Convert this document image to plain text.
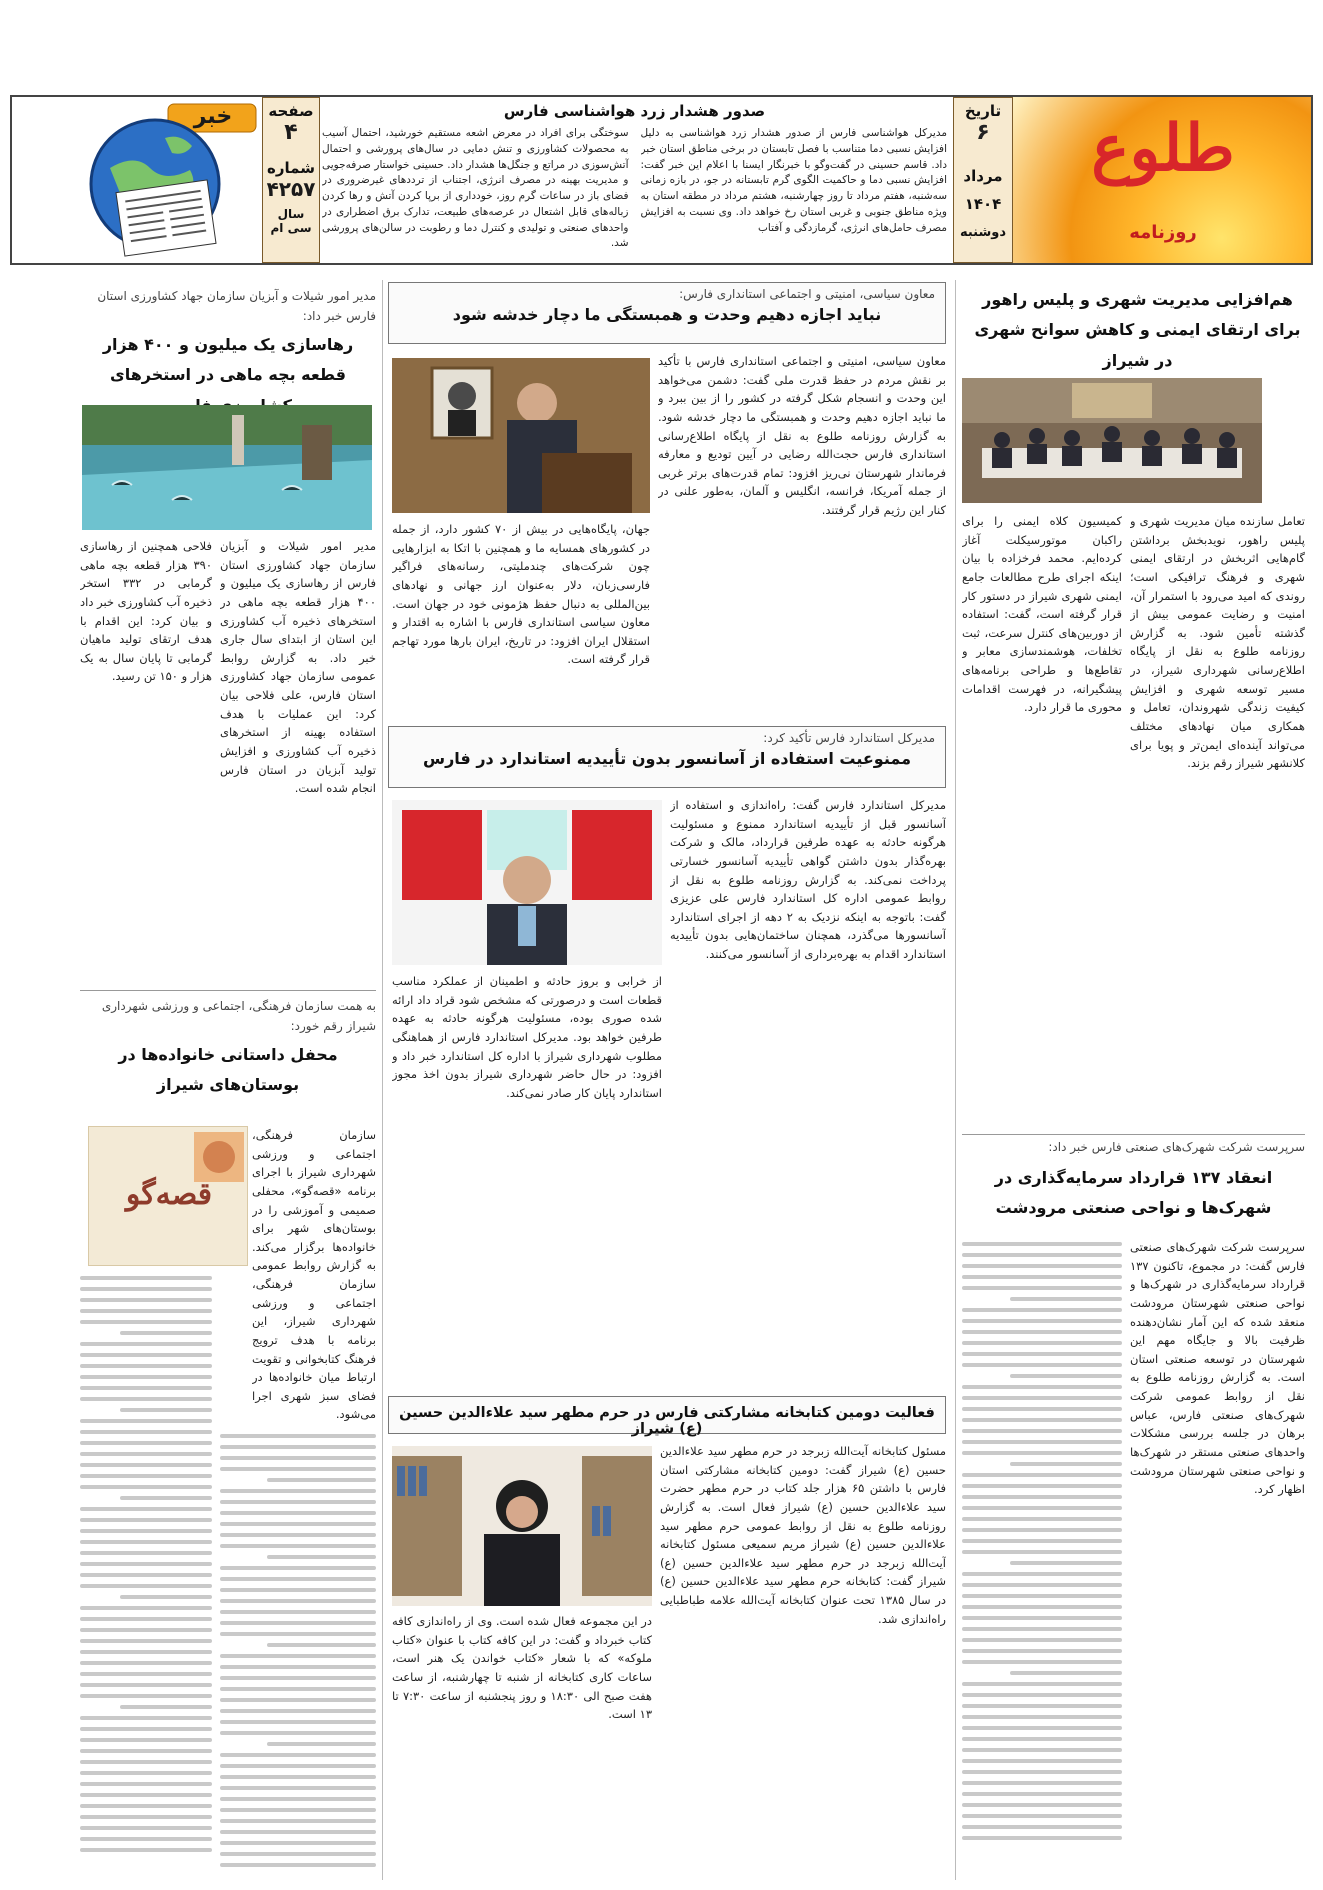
طلوع
روزنامه
تاریخ
۶
مرداد
۱۴۰۴
دوشنبه
صدور هشدار زرد هواشناسی فارس
مدیرکل هواشناسی فارس از صدور هشدار زرد هواشناسی به دلیل افزایش نسبی دما متناسب با فصل تابستان در برخی مناطق استان خبر داد. قاسم حسینی در گفت‌وگو با خبرنگار ایسنا با اعلام این خبر گفت: افزایش نسبی دما و حاکمیت الگوی گرم تابستانه در جو، در بازه زمانی سه‌شنبه، هفتم مرداد تا روز چهارشنبه، هشتم مرداد در مطقه استان به ویژه مناطق جنوبی و غربی استان رخ خواهد داد. وی نسبت به افزایش مصرف حامل‌های انرژی، گرمازدگی و آفتاب
سوختگی برای افراد در معرض اشعه مستقیم خورشید، احتمال آسیب به محصولات کشاورزی و تنش دمایی در سال‌های پرورشی و احتمال آتش‌سوزی در مراتع و جنگل‌ها هشدار داد. حسینی خواستار صرفه‌جویی و مدیریت بهینه در مصرف انرژی، اجتناب از ترددهای غیرضروری در فضای باز در ساعات گرم روز، خودداری از برپا کردن آتش و رها کردن زباله‌های قابل اشتعال در عرصه‌های طبیعت، تدارک برق اضطراری در واحدهای صنعتی و تولیدی و کنترل دما و رطوبت در سالن‌های پرورشی شد.
صفحه
۴
شماره
۴۲۵۷
سال
سی ام
خبر
هم‌افزایی مدیریت شهری و پلیس راهور برای ارتقای ایمنی و کاهش سوانح شهری در شیراز
تعامل سازنده میان مدیریت شهری و پلیس راهور، نویدبخش برداشتن گام‌هایی اثربخش در ارتقای ایمنی شهری و فرهنگ ترافیکی است؛ روندی که امید می‌رود با استمرار آن، امنیت و رضایت عمومی بیش از گذشته تأمین شود. به گزارش روزنامه طلوع به نقل از پایگاه اطلاع‌رسانی شهرداری شیراز، در مسیر توسعه شهری و افزایش کیفیت زندگی شهروندان، تعامل و همکاری میان نهادهای مختلف می‌تواند آینده‌ای ایمن‌تر و پویا برای کلانشهر شیراز رقم بزند.
کمیسیون کلاه ایمنی را برای راکبان موتورسیکلت آغاز کرده‌ایم. محمد فرخزاده با بیان اینکه اجرای طرح مطالعات جامع ایمنی شهری شیراز در دستور کار قرار گرفته است، گفت: استفاده از دوربین‌های کنترل سرعت، ثبت تخلفات، هوشمندسازی معابر و تقاطع‌ها و طراحی برنامه‌های پیشگیرانه، در فهرست اقدامات محوری ما قرار دارد.
سرپرست شرکت شهرک‌های صنعتی فارس خبر داد:
انعقاد ۱۳۷ قرارداد سرمایه‌گذاری در شهرک‌ها و نواحی صنعتی مرودشت
سرپرست شرکت شهرک‌های صنعتی فارس گفت: در مجموع، تاکنون ۱۳۷ قرارداد سرمایه‌گذاری در شهرک‌ها و نواحی صنعتی شهرستان مرودشت منعقد شده که این آمار نشان‌دهنده ظرفیت بالا و جایگاه مهم این شهرستان در توسعه صنعتی استان است. به گزارش روزنامه طلوع به نقل از روابط عمومی شرکت شهرک‌های صنعتی فارس، عباس برهان در جلسه بررسی مشکلات واحدهای صنعتی مستقر در شهرک‌ها و نواحی صنعتی شهرستان مرودشت اظهار کرد.
معاون سیاسی، امنیتی و اجتماعی استانداری فارس:
نباید اجازه دهیم وحدت و همبستگی ما دچار خدشه شود
معاون سیاسی، امنیتی و اجتماعی استانداری فارس با تأکید بر نقش مردم در حفظ قدرت ملی گفت: دشمن می‌خواهد این وحدت و انسجام شکل گرفته در کشور را از بین ببرد و ما نباید اجازه دهیم وحدت و همبستگی ما دچار خدشه شود. به گزارش روزنامه طلوع به نقل از پایگاه اطلاع‌رسانی استانداری فارس حجت‌الله رضایی در آیین تودیع و معارفه فرماندار شهرستان نی‌ریز افزود: تمام قدرت‌های برتر غربی از جمله آمریکا، فرانسه، انگلیس و آلمان، به‌طور علنی در کنار این رژیم قرار گرفتند.
جهان، پایگاه‌هایی در بیش از ۷۰ کشور دارد، از جمله در کشورهای همسایه ما و همچنین با اتکا به ابزارهایی چون شرکت‌های چندملیتی، رسانه‌های فراگیر فارسی‌زبان، دلار به‌عنوان ارز جهانی و نهادهای بین‌المللی به دنبال حفظ هژمونی خود در جهان است. معاون سیاسی استانداری فارس با اشاره به اقتدار و استقلال ایران افزود: در تاریخ، ایران بارها مورد تهاجم قرار گرفته است.
مدیرکل استاندارد فارس تأکید کرد:
ممنوعیت استفاده از آسانسور بدون تأییدیه استاندارد در فارس
مدیرکل استاندارد فارس گفت: راه‌اندازی و استفاده از آسانسور قبل از تأییدیه استاندارد ممنوع و مسئولیت هرگونه حادثه به عهده طرفین قرارداد، مالک و شرکت بهره‌گذار بدون داشتن گواهی تأییدیه آسانسور خسارتی پرداخت نمی‌کند. به گزارش روزنامه طلوع به نقل از روابط عمومی اداره کل استاندارد فارس علی عزیزی گفت: باتوجه به اینکه نزدیک به ۲ دهه از اجرای استاندارد آسانسورها می‌گذرد، همچنان ساختمان‌هایی بدون تأییدیه استاندارد اقدام به بهره‌برداری از آسانسور می‌کنند.
از خرابی و بروز حادثه و اطمینان از عملکرد مناسب قطعات است و درصورتی که مشخص شود قراد داد ارائه شده صوری بوده، مسئولیت هرگونه حادثه به عهده طرفین خواهد بود. مدیرکل استاندارد فارس از هماهنگی مطلوب شهرداری شیراز با اداره کل استاندارد خبر داد و افزود: در حال حاضر شهرداری شیراز بدون اخذ مجوز استاندارد پایان کار صادر نمی‌کند.
فعالیت دومین کتابخانه مشارکتی فارس در حرم مطهر سید علاءالدین حسین (ع) شیراز
مسئول کتابخانه آیت‌الله زبرجد در حرم مطهر سید علاءالدین حسین (ع) شیراز گفت: دومین کتابخانه مشارکتی استان فارس با داشتن ۶۵ هزار جلد کتاب در حرم مطهر حضرت سید علاءالدین حسین (ع) شیراز فعال است. به گزارش روزنامه طلوع به نقل از روابط عمومی حرم مطهر سید علاءالدین حسین (ع) شیراز مریم سمیعی مسئول کتابخانه آیت‌الله زبرجد در حرم مطهر سید علاءالدین حسین (ع) شیراز گفت: کتابخانه حرم مطهر سید علاءالدین حسین (ع) در سال ۱۳۸۵ تحت عنوان کتابخانه آیت‌الله علامه طباطبایی راه‌اندازی شد.
در این مجموعه فعال شده است. وی از راه‌اندازی کافه کتاب خبرداد و گفت: در این کافه کتاب با عنوان «کتاب ملوکه» که با شعار «کتاب خواندن یک هنر است، ساعات کاری کتابخانه از شنبه تا چهارشنبه، از ساعت هفت صبح الی ۱۸:۳۰ و روز پنجشنبه از ساعت ۷:۳۰ تا ۱۳ است.
مدیر امور شیلات و آبزیان سازمان جهاد کشاورزی استان فارس خبر داد:
رهاسازی یک میلیون و ۴۰۰ هزار قطعه بچه ماهی در استخرهای
مدیر امور شیلات و آبزیان سازمان جهاد کشاورزی استان فارس از رهاسازی یک میلیون و ۴۰۰ هزار قطعه بچه ماهی در استخرهای ذخیره آب کشاورزی این استان از ابتدای سال جاری خبر داد. به گزارش روابط عمومی سازمان جهاد کشاورزی استان فارس، علی فلاحی بیان کرد: این عملیات با هدف استفاده بهینه از استخرهای ذخیره آب کشاورزی و افزایش تولید آبزیان در استان فارس انجام شده است.
فلاحی همچنین از رهاسازی ۳۹۰ هزار قطعه بچه ماهی گرمابی در ۳۳۲ استخر ذخیره آب کشاورزی خبر داد و بیان کرد: این اقدام با هدف ارتقای تولید ماهیان گرمابی تا پایان سال به یک هزار و ۱۵۰ تن رسید.
به همت سازمان فرهنگی، اجتماعی و ورزشی شهرداری شیراز رقم خورد:
محفل داستانی خانواده‌ها در بوستان‌های شیراز
قصه‌گو
سازمان فرهنگی، اجتماعی و ورزشی شهرداری شیراز با اجرای برنامه «قصه‌گو»، محفلی صمیمی و آموزشی را در بوستان‌های شهر برای خانواده‌ها برگزار می‌کند. به گزارش روابط عمومی سازمان فرهنگی، اجتماعی و ورزشی شهرداری شیراز، این برنامه با هدف ترویج فرهنگ کتابخوانی و تقویت ارتباط میان خانواده‌ها در فضای سبز شهری اجرا می‌شود.
